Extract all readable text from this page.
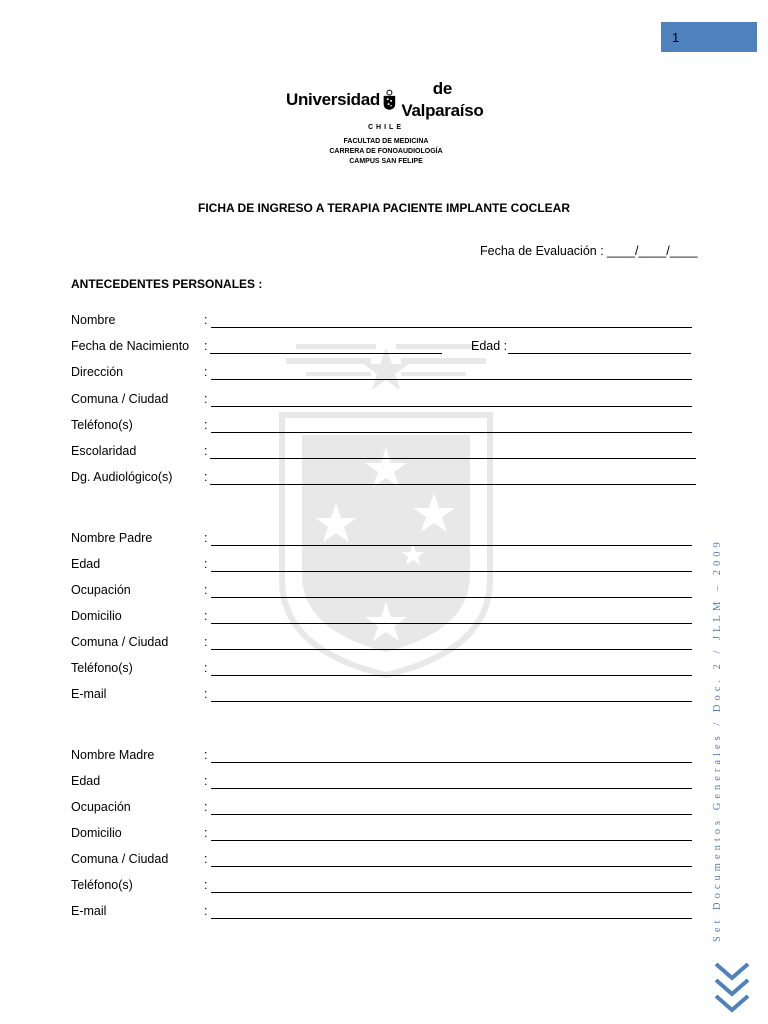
1
Universidad
de Valparaíso
CHILE
FACULTAD DE MEDICINA
CARRERA DE FONOAUDIOLOGÍA
CAMPUS SAN FELIPE
FICHA DE INGRESO A TERAPIA PACIENTE IMPLANTE COCLEAR
Fecha de Evaluación : ____/____/____
ANTECEDENTES PERSONALES :
Nombre	:
Fecha de Nacimiento :	Edad :
Dirección	:
Comuna / Ciudad	:
Teléfono(s)	:
Escolaridad	:
Dg. Audiológico(s)	:
Nombre Padre	:
Edad	:
Ocupación	:
Domicilio	:
Comuna / Ciudad	:
Teléfono(s)	:
E-mail	:
Nombre Madre	:
Edad	:
Ocupación	:
Domicilio	:
Comuna / Ciudad	:
Teléfono(s)	:
E-mail	:	Set Documentos Generales / Doc. 2 / JLLM – 2009
